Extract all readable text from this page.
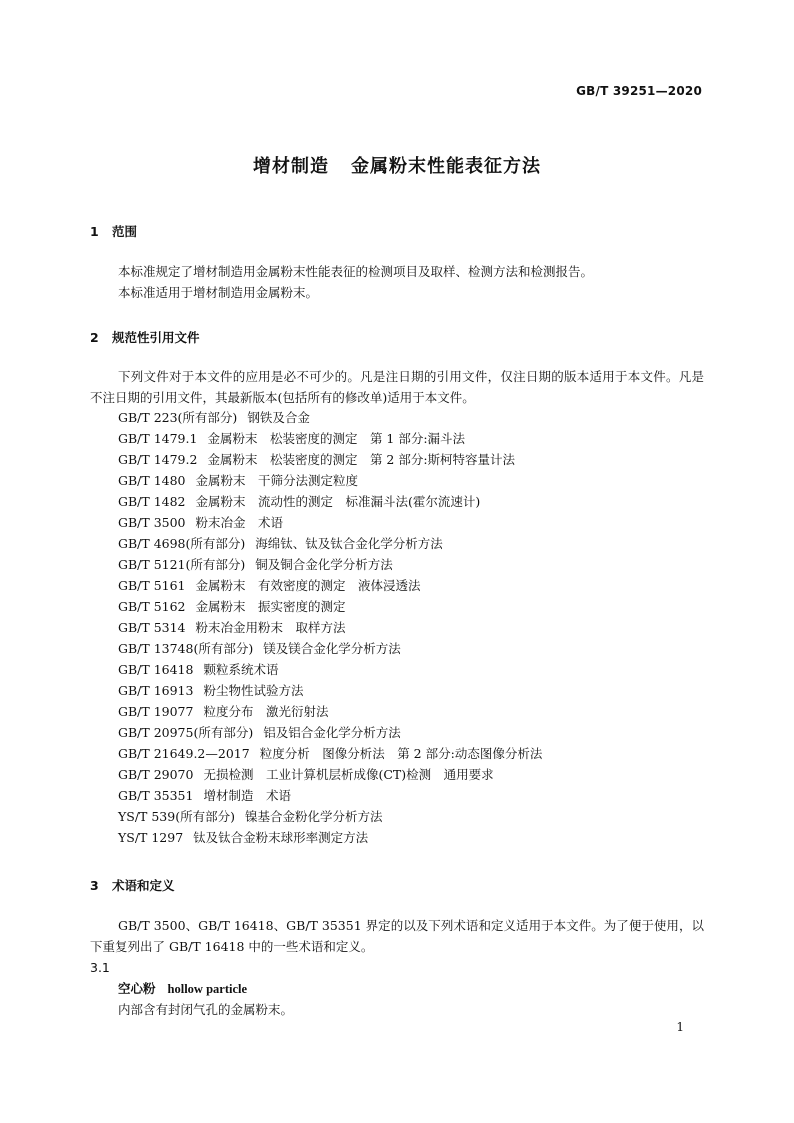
GB/T 39251—2020
增材制造 金属粉末性能表征方法
1 范围
本标准规定了增材制造用金属粉末性能表征的检测项目及取样、检测方法和检测报告。
本标准适用于增材制造用金属粉末。
2 规范性引用文件
下列文件对于本文件的应用是必不可少的。凡是注日期的引用文件，仅注日期的版本适用于本文件。凡是不注日期的引用文件，其最新版本(包括所有的修改单)适用于本文件。
GB/T 223(所有部分) 钢铁及合金
GB/T 1479.1 金属粉末　松装密度的测定　第 1 部分:漏斗法
GB/T 1479.2 金属粉末　松装密度的测定　第 2 部分:斯柯特容量计法
GB/T 1480 金属粉末　干筛分法测定粒度
GB/T 1482 金属粉末　流动性的测定　标准漏斗法(霍尔流速计)
GB/T 3500 粉末冶金　术语
GB/T 4698(所有部分) 海绵钛、钛及钛合金化学分析方法
GB/T 5121(所有部分) 铜及铜合金化学分析方法
GB/T 5161 金属粉末　有效密度的测定　液体浸透法
GB/T 5162 金属粉末　振实密度的测定
GB/T 5314 粉末冶金用粉末　取样方法
GB/T 13748(所有部分) 镁及镁合金化学分析方法
GB/T 16418 颗粒系统术语
GB/T 16913 粉尘物性试验方法
GB/T 19077 粒度分布　激光衍射法
GB/T 20975(所有部分) 铝及铝合金化学分析方法
GB/T 21649.2—2017 粒度分析　图像分析法　第 2 部分:动态图像分析法
GB/T 29070 无损检测　工业计算机层析成像(CT)检测　通用要求
GB/T 35351 增材制造　术语
YS/T 539(所有部分) 镍基合金粉化学分析方法
YS/T 1297 钛及钛合金粉末球形率测定方法
3 术语和定义
GB/T 3500、GB/T 16418、GB/T 35351 界定的以及下列术语和定义适用于本文件。为了便于使用，以下重复列出了 GB/T 16418 中的一些术语和定义。
3.1
空心粉 hollow particle
内部含有封闭气孔的金属粉末。
1
